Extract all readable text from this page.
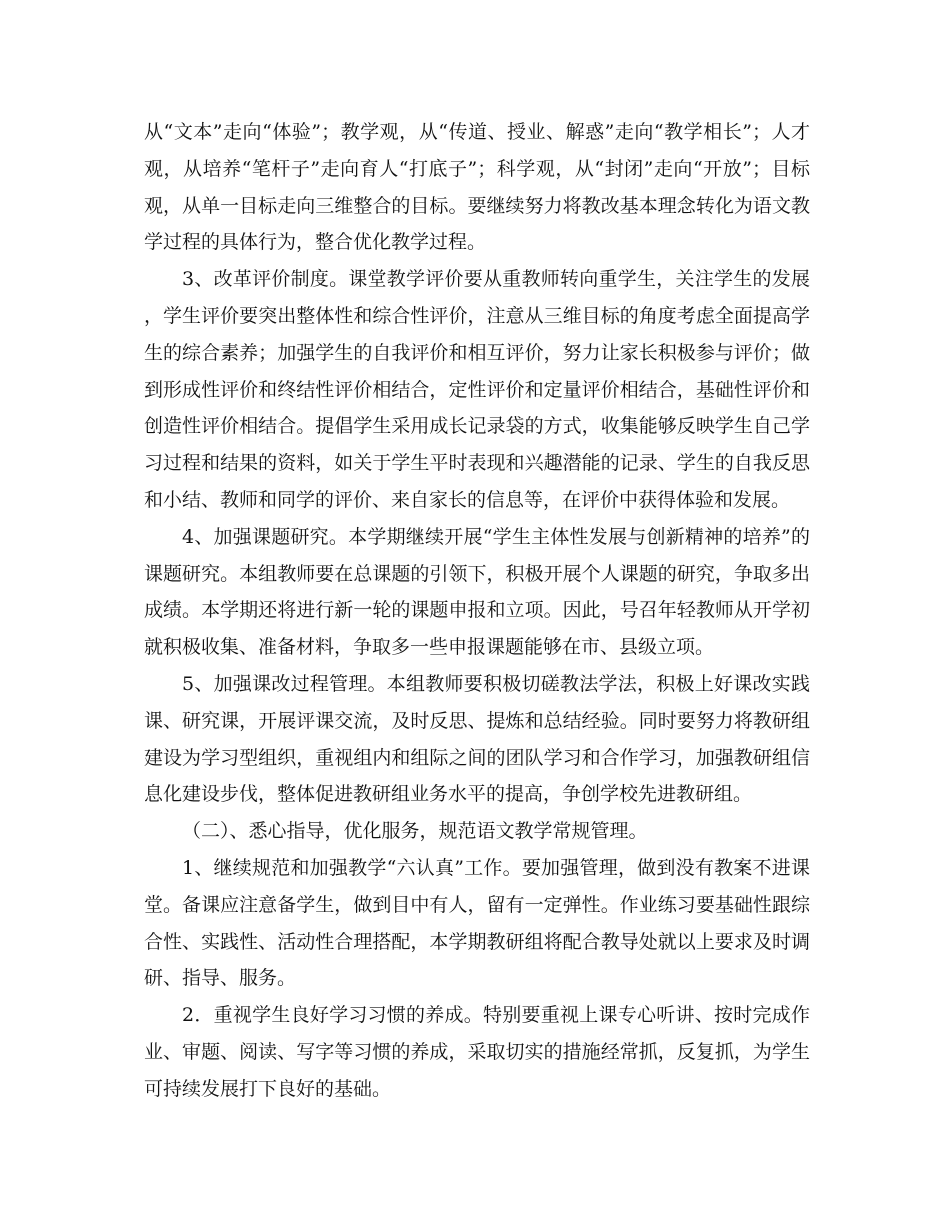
从“文本”走向“体验”；教学观，从“传道、授业、解惑”走向“教学相长”；人才观，从培养“笔杆子”走向育人“打底子”；科学观，从“封闭”走向“开放”；目标观，从单一目标走向三维整合的目标。要继续努力将教改基本理念转化为语文教学过程的具体行为，整合优化教学过程。

3、改革评价制度。课堂教学评价要从重教师转向重学生，关注学生的发展，学生评价要突出整体性和综合性评价，注意从三维目标的角度考虑全面提高学生的综合素养；加强学生的自我评价和相互评价，努力让家长积极参与评价；做到形成性评价和终结性评价相结合，定性评价和定量评价相结合，基础性评价和创造性评价相结合。提倡学生采用成长记录袋的方式，收集能够反映学生自己学习过程和结果的资料，如关于学生平时表现和兴趣潜能的记录、学生的自我反思和小结、教师和同学的评价、来自家长的信息等，在评价中获得体验和发展。

4、加强课题研究。本学期继续开展“学生主体性发展与创新精神的培养”的课题研究。本组教师要在总课题的引领下，积极开展个人课题的研究，争取多出成绩。本学期还将进行新一轮的课题申报和立项。因此，号召年轻教师从开学初就积极收集、准备材料，争取多一些申报课题能够在市、县级立项。

5、加强课改过程管理。本组教师要积极切磋教法学法，积极上好课改实践课、研究课，开展评课交流，及时反思、提炼和总结经验。同时要努力将教研组建设为学习型组织，重视组内和组际之间的团队学习和合作学习，加强教研组信息化建设步伐，整体促进教研组业务水平的提高，争创学校先进教研组。

（二）、悉心指导，优化服务，规范语文教学常规管理。

1、继续规范和加强教学“六认真”工作。要加强管理，做到没有教案不进课堂。备课应注意备学生，做到目中有人，留有一定弹性。作业练习要基础性跟综合性、实践性、活动性合理搭配，本学期教研组将配合教导处就以上要求及时调研、指导、服务。

2．重视学生良好学习习惯的养成。特别要重视上课专心听讲、按时完成作业、审题、阅读、写字等习惯的养成，采取切实的措施经常抓，反复抓，为学生可持续发展打下良好的基础。
